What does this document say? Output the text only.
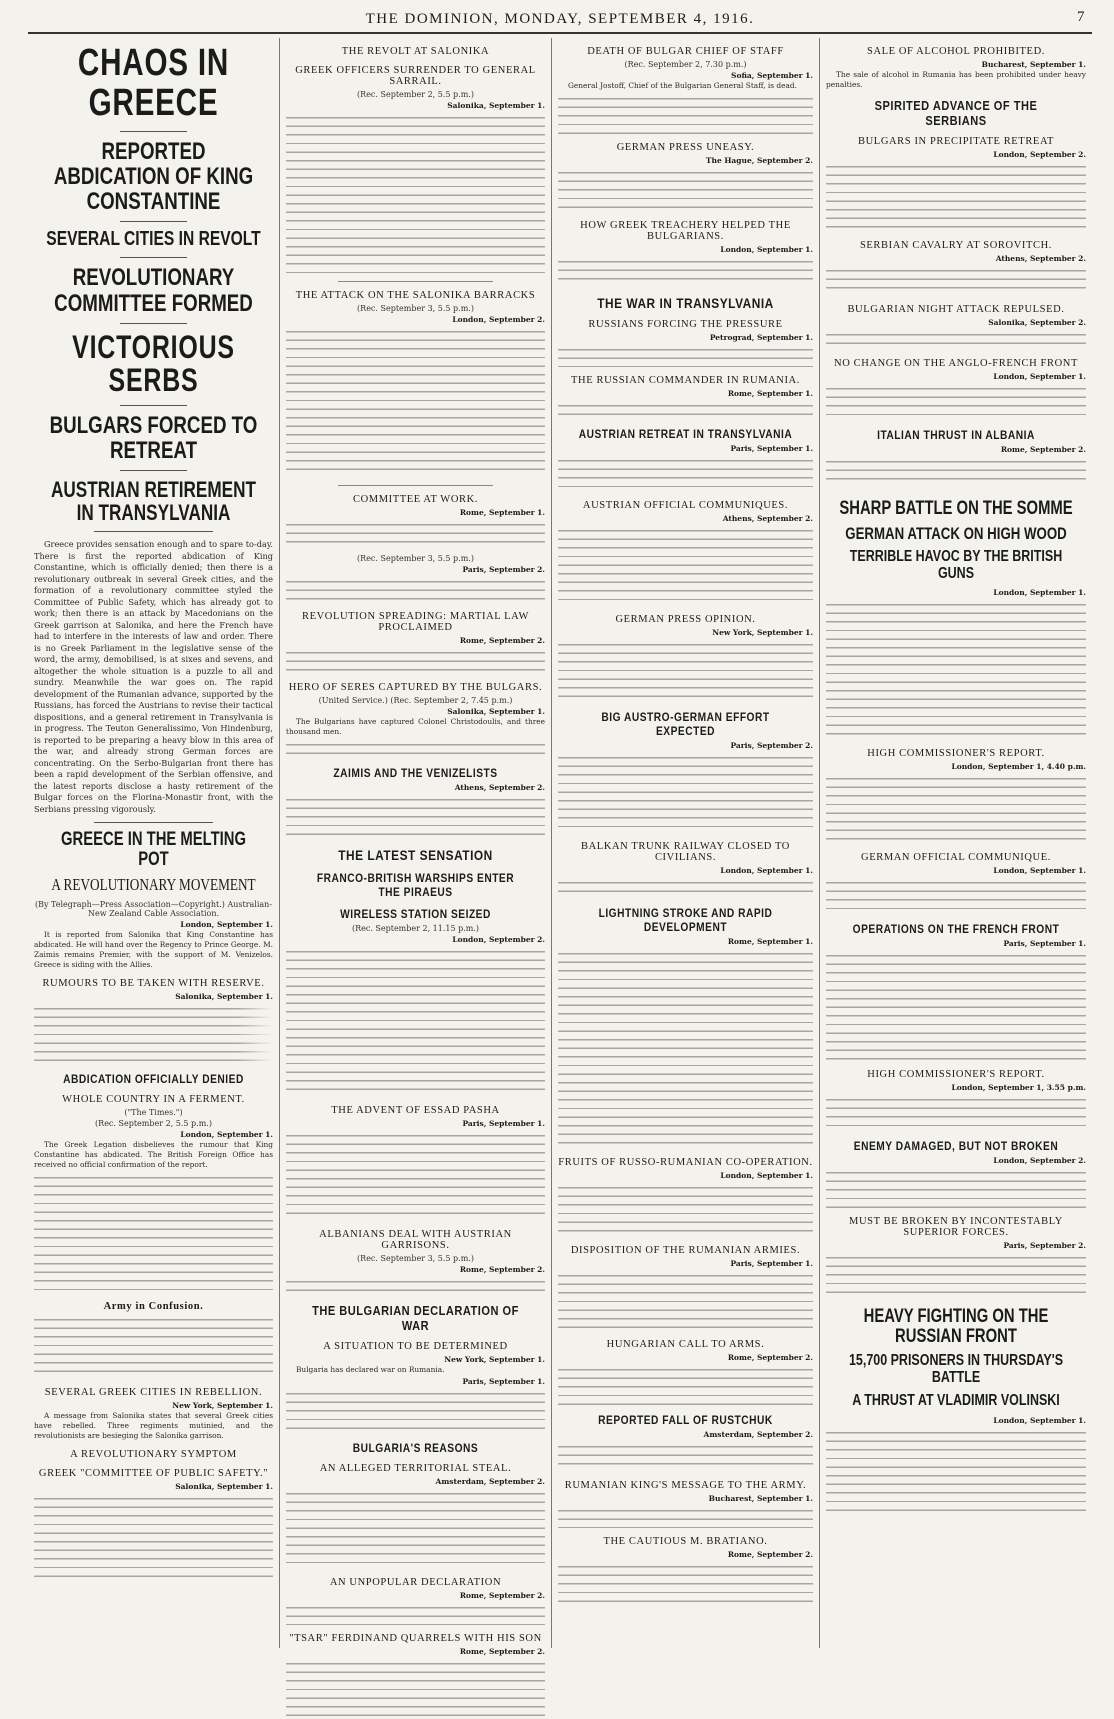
THE DOMINION, MONDAY, SEPTEMBER 4, 1916.	7
CHAOS IN GREECE
REPORTED ABDICATION OF KING CONSTANTINE
SEVERAL CITIES IN REVOLT
REVOLUTIONARY COMMITTEE FORMED
VICTORIOUS SERBS
BULGARS FORCED TO RETREAT
AUSTRIAN RETIREMENT IN TRANSYLVANIA

Greece provides sensation enough and to spare to-day. There is first the reported abdication of King Constantine, which is officially denied; then there is a revolutionary outbreak in several Greek cities, and the formation of a revolutionary committee styled the Committee of Public Safety, which has already got to work; then there is an attack by Macedonians on the Greek garrison at Salonika, and here the French have had to interfere in the interests of law and order. There is no Greek Parliament in the legislative sense of the word, the army, demobilised, is at sixes and sevens, and altogether the whole situation is a puzzle to all and sundry. Meanwhile the war goes on. The rapid development of the Rumanian advance, supported by the Russians, has forced the Austrians to revise their tactical dispositions, and a general retirement in Transylvania is in progress. The Teuton Generalissimo, Von Hindenburg, is reported to be preparing a heavy blow in this area of the war, and already strong German forces are concentrating. On the Serbo-Bulgarian front there has been a rapid development of the Serbian offensive, and the latest reports disclose a hasty retirement of the Bulgar forces on the Florina-Monastir front, with the Serbians pressing vigorously.

GREECE IN THE MELTING POT
A REVOLUTIONARY MOVEMENT
(By Telegraph—Press Association—Copyright.) Australian-New Zealand Cable Association.
London, September 1.

It is reported from Salonika that King Constantine has abdicated. He will hand over the Regency to Prince George. M. Zaimis remains Premier, with the support of M. Venizelos. Greece is siding with the Allies.

RUMOURS TO BE TAKEN WITH RESERVE.
Salonika, September 1.
ABDICATION OFFICIALLY DENIED
WHOLE COUNTRY IN A FERMENT.
("The Times.")
(Rec. September 2, 5.5 p.m.)
London, September 1.

The Greek Legation disbelieves the rumour that King Constantine has abdicated. The British Foreign Office has received no official confirmation of the report.

Army in Confusion.
SEVERAL GREEK CITIES IN REBELLION.
New York, September 1.

A message from Salonika states that several Greek cities have rebelled. Three regiments mutinied, and the revolutionists are besieging the Salonika garrison.

A REVOLUTIONARY SYMPTOM
GREEK "COMMITTEE OF PUBLIC SAFETY."
Salonika, September 1.
THE REVOLT AT SALONIKA
GREEK OFFICERS SURRENDER TO GENERAL SARRAIL.
(Rec. September 2, 5.5 p.m.)
Salonika, September 1.
THE ATTACK ON THE SALONIKA BARRACKS
(Rec. September 3, 5.5 p.m.)
London, September 2.
COMMITTEE AT WORK.
Rome, September 1.
(Rec. September 3, 5.5 p.m.)
Paris, September 2.
REVOLUTION SPREADING: MARTIAL LAW PROCLAIMED
Rome, September 2.
HERO OF SERES CAPTURED BY THE BULGARS.
(United Service.) (Rec. September 2, 7.45 p.m.)
Salonika, September 1.

The Bulgarians have captured Colonel Christodoulis, and three thousand men.

ZAIMIS AND THE VENIZELISTS
Athens, September 2.
THE LATEST SENSATION
FRANCO-BRITISH WARSHIPS ENTER THE PIRAEUS
WIRELESS STATION SEIZED
(Rec. September 2, 11.15 p.m.)
London, September 2.
THE ADVENT OF ESSAD PASHA
Paris, September 1.
ALBANIANS DEAL WITH AUSTRIAN GARRISONS.
(Rec. September 3, 5.5 p.m.)
Rome, September 2.
THE BULGARIAN DECLARATION OF WAR
A SITUATION TO BE DETERMINED
New York, September 1.

Bulgaria has declared war on Rumania.

Paris, September 1.
BULGARIA'S REASONS
AN ALLEGED TERRITORIAL STEAL.
Amsterdam, September 2.
AN UNPOPULAR DECLARATION
Rome, September 2.
"TSAR" FERDINAND QUARRELS WITH HIS SON
Rome, September 2.
DEATH OF BULGAR CHIEF OF STAFF
(Rec. September 2, 7.30 p.m.)
Sofia, September 1.

General Jostoff, Chief of the Bulgarian General Staff, is dead.

GERMAN PRESS UNEASY.
The Hague, September 2.
HOW GREEK TREACHERY HELPED THE BULGARIANS.
London, September 1.
THE WAR IN TRANSYLVANIA
RUSSIANS FORCING THE PRESSURE
Petrograd, September 1.
THE RUSSIAN COMMANDER IN RUMANIA.
Rome, September 1.
AUSTRIAN RETREAT IN TRANSYLVANIA
Paris, September 1.
AUSTRIAN OFFICIAL COMMUNIQUES.
Athens, September 2.
GERMAN PRESS OPINION.
New York, September 1.
BIG AUSTRO-GERMAN EFFORT EXPECTED
Paris, September 2.
BALKAN TRUNK RAILWAY CLOSED TO CIVILIANS.
London, September 1.
LIGHTNING STROKE AND RAPID DEVELOPMENT
Rome, September 1.
FRUITS OF RUSSO-RUMANIAN CO-OPERATION.
London, September 1.
DISPOSITION OF THE RUMANIAN ARMIES.
Paris, September 1.
HUNGARIAN CALL TO ARMS.
Rome, September 2.
REPORTED FALL OF RUSTCHUK
Amsterdam, September 2.
RUMANIAN KING'S MESSAGE TO THE ARMY.
Bucharest, September 1.
THE CAUTIOUS M. BRATIANO.
Rome, September 2.
SALE OF ALCOHOL PROHIBITED.
Bucharest, September 1.

The sale of alcohol in Rumania has been prohibited under heavy penalties.

SPIRITED ADVANCE OF THE SERBIANS
BULGARS IN PRECIPITATE RETREAT
London, September 2.
SERBIAN CAVALRY AT SOROVITCH.
Athens, September 2.
BULGARIAN NIGHT ATTACK REPULSED.
Salonika, September 2.
NO CHANGE ON THE ANGLO-FRENCH FRONT
London, September 1.
ITALIAN THRUST IN ALBANIA
Rome, September 2.
SHARP BATTLE ON THE SOMME
GERMAN ATTACK ON HIGH WOOD
TERRIBLE HAVOC BY THE BRITISH GUNS
London, September 1.
HIGH COMMISSIONER'S REPORT.
London, September 1, 4.40 p.m.
GERMAN OFFICIAL COMMUNIQUE.
London, September 1.
OPERATIONS ON THE FRENCH FRONT
Paris, September 1.
HIGH COMMISSIONER'S REPORT.
London, September 1, 3.55 p.m.
ENEMY DAMAGED, BUT NOT BROKEN
London, September 2.
MUST BE BROKEN BY INCONTESTABLY SUPERIOR FORCES.
Paris, September 2.
HEAVY FIGHTING ON THE RUSSIAN FRONT
15,700 PRISONERS IN THURSDAY'S BATTLE
A THRUST AT VLADIMIR VOLINSKI
London, September 1.
